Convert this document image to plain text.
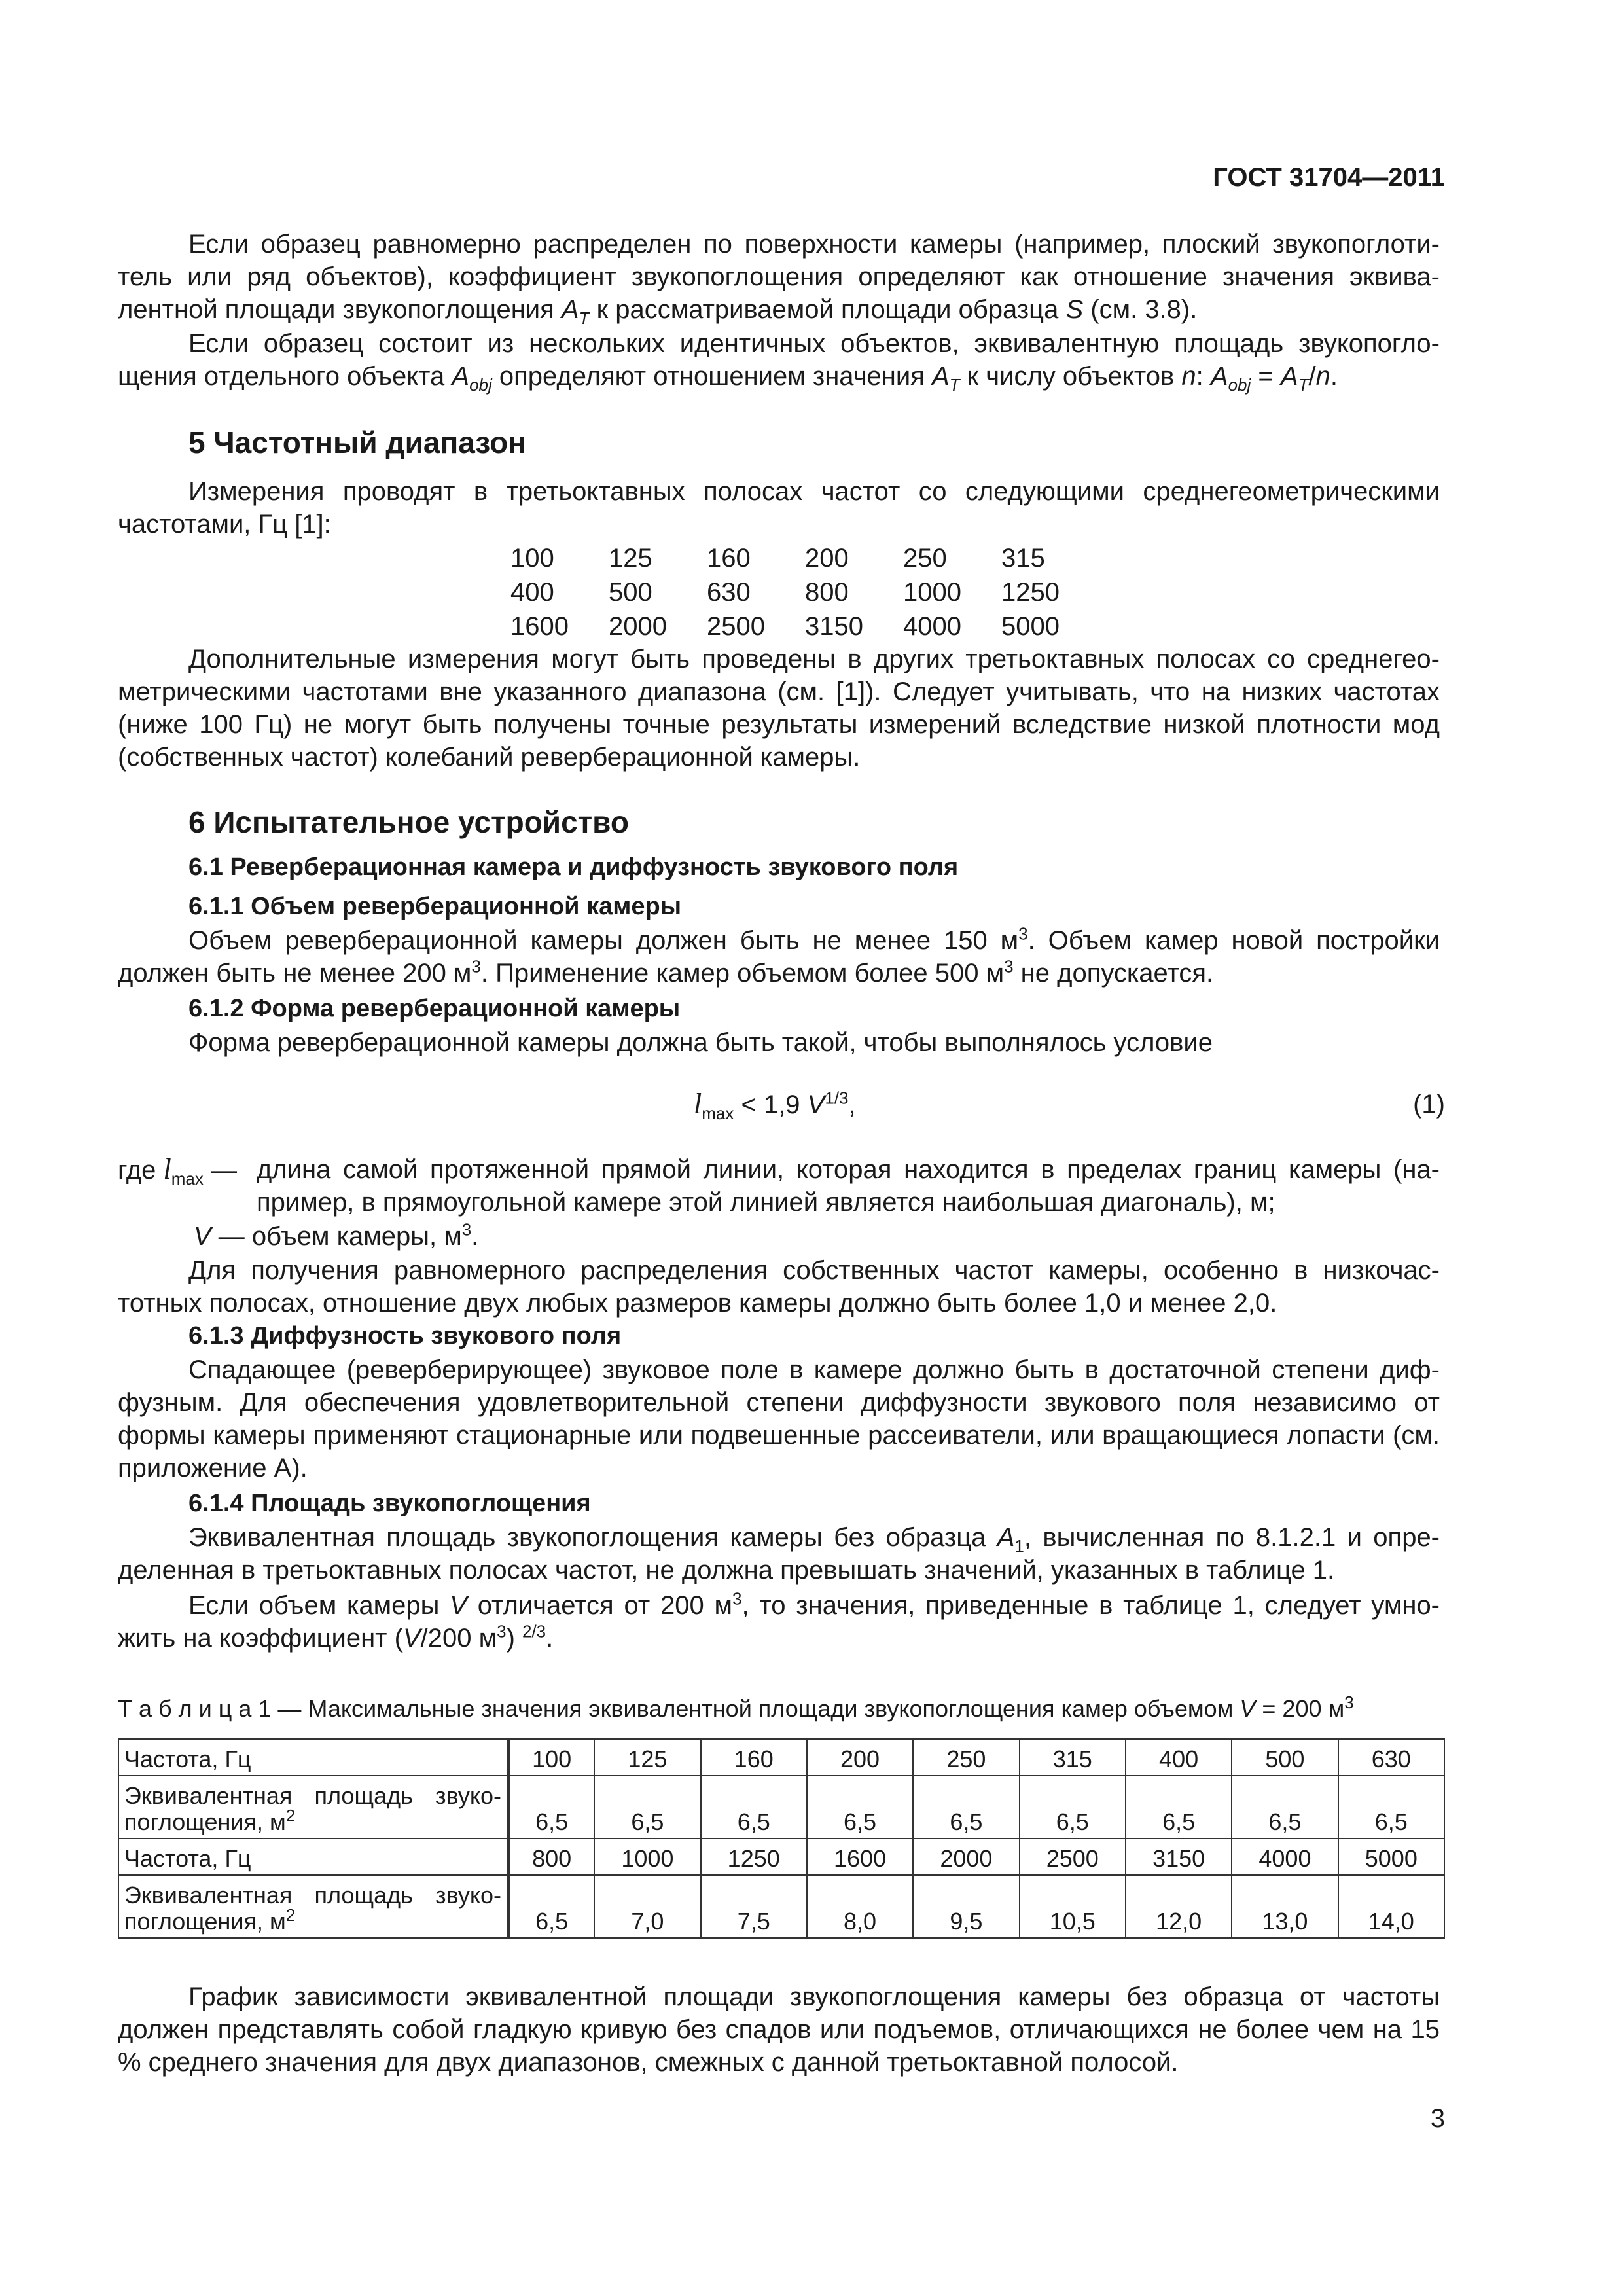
ГОСТ 31704—2011
Если образец равномерно распределен по поверхности камеры (например, плоский звукопоглоти-тель или ряд объектов), коэффициент звукопоглощения определяют как отношение значения эквива-лентной площади звукопоглощения $A_T$ к рассматриваемой площади образца S (см. 3.8).
Если образец состоит из нескольких идентичных объектов, эквивалентную площадь звукопогло-щения отдельного объекта $A_{obj}$ определяют отношением значения $A_T$ к числу объектов n: $A_{obj} = A_T/n$.
5 Частотный диапазон
Измерения проводят в третьоктавных полосах частот со следующими среднегеометрическими частотами, Гц [1]:
100	125	160	200	250	315
400	500	630	800	1000	1250
1600	2000	2500	3150	4000	5000
Дополнительные измерения могут быть проведены в других третьоктавных полосах со среднегео-метрическими частотами вне указанного диапазона (см. [1]). Следует учитывать, что на низких частотах (ниже 100 Гц) не могут быть получены точные результаты измерений вследствие низкой плотности мод (собственных частот) колебаний реверберационной камеры.
6 Испытательное устройство
6.1 Реверберационная камера и диффузность звукового поля
6.1.1 Объем реверберационной камеры
Объем реверберационной камеры должен быть не менее 150 $м^3$. Объем камер новой постройки должен быть не менее 200 $м^3$. Применение камер объемом более 500 $м^3$ не допускается.
6.1.2 Форма реверберационной камеры
Форма реверберационной камеры должна быть такой, чтобы выполнялось условие
$l_{max} < 1,9$ $V^{1/3}$,	(1)
где $l_{max}$ — длина самой протяженной прямой линии, которая находится в пределах границ камеры (на-пример, в прямоугольной камере этой линией является наибольшая диагональ), м;
V — объем камеры, $м^3$.
Для получения равномерного распределения собственных частот камеры, особенно в низкочас-тотных полосах, отношение двух любых размеров камеры должно быть более 1,0 и менее 2,0.
6.1.3 Диффузность звукового поля
Спадающее (реверберирующее) звуковое поле в камере должно быть в достаточной степени диф-фузным. Для обеспечения удовлетворительной степени диффузности звукового поля независимо от формы камеры применяют стационарные или подвешенные рассеиватели, или вращающиеся лопасти (см. приложение А).
6.1.4 Площадь звукопоглощения
Эквивалентная площадь звукопоглощения камеры без образца $A_1$, вычисленная по 8.1.2.1 и опре-деленная в третьоктавных полосах частот, не должна превышать значений, указанных в таблице 1.
Если объем камеры V отличается от 200 $м^3$, то значения, приведенные в таблице 1, следует умно-жить на коэффициент (V/200 $м^3$) $^{2/3}$.
Т а б л и ц а 1 — Максимальные значения эквивалентной площади звукопоглощения камер объемом V = 200 $м^3$
Частота, Гц	100	125	160	200	250	315	400	500	630
Эквивалентная площадь звуко-поглощения, $м^2$	6,5	6,5	6,5	6,5	6,5	6,5	6,5	6,5	6,5
Частота, Гц	800	1000	1250	1600	2000	2500	3150	4000	5000
Эквивалентная площадь звуко-поглощения, $м^2$	6,5	7,0	7,5	8,0	9,5	10,5	12,0	13,0	14,0
График зависимости эквивалентной площади звукопоглощения камеры без образца от частоты должен представлять собой гладкую кривую без спадов или подъемов, отличающихся не более чем на 15 % среднего значения для двух диапазонов, смежных с данной третьоктавной полосой.
3
